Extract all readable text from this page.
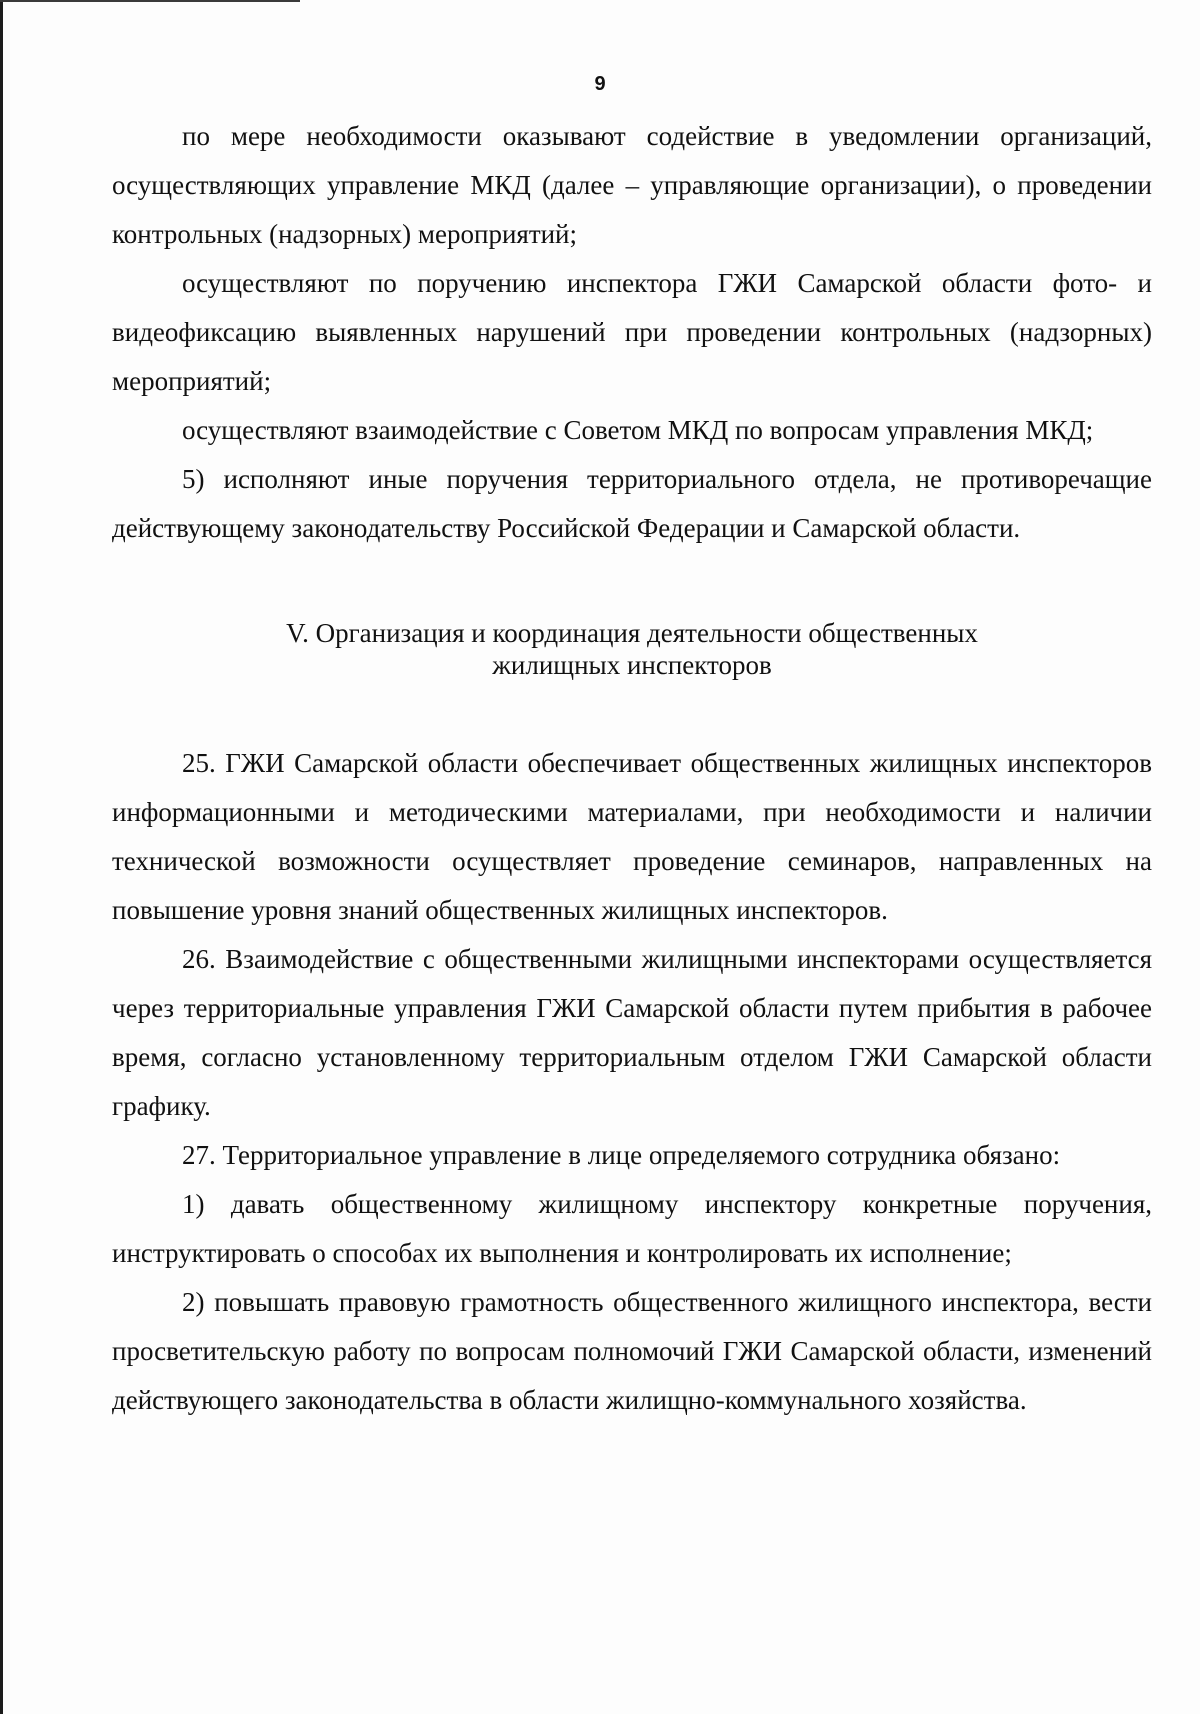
9

по мере необходимости оказывают содействие в уведомлении организаций, осуществляющих управление МКД (далее – управляющие организации), о проведении контрольных (надзорных) мероприятий;

осуществляют по поручению инспектора ГЖИ Самарской области фото- и видеофиксацию выявленных нарушений при проведении контрольных (надзорных) мероприятий;

осуществляют взаимодействие с Советом МКД по вопросам управления МКД;

5) исполняют иные поручения территориального отдела, не противоречащие действующему законодательству Российской Федерации и Самарской области.

V. Организация и координация деятельности общественных
жилищных инспекторов

25. ГЖИ Самарской области обеспечивает общественных жилищных инспекторов информационными и методическими материалами, при необходимости и наличии технической возможности осуществляет проведение семинаров, направленных на повышение уровня знаний общественных жилищных инспекторов.

26. Взаимодействие с общественными жилищными инспекторами осуществляется через территориальные управления ГЖИ Самарской области путем прибытия в рабочее время, согласно установленному территориальным отделом ГЖИ Самарской области графику.

27. Территориальное управление в лице определяемого сотрудника обязано:

1) давать общественному жилищному инспектору конкретные поручения, инструктировать о способах их выполнения и контролировать их исполнение;

2) повышать правовую грамотность общественного жилищного инспектора, вести просветительскую работу по вопросам полномочий ГЖИ Самарской области, изменений действующего законодательства в области жилищно-коммунального хозяйства.
